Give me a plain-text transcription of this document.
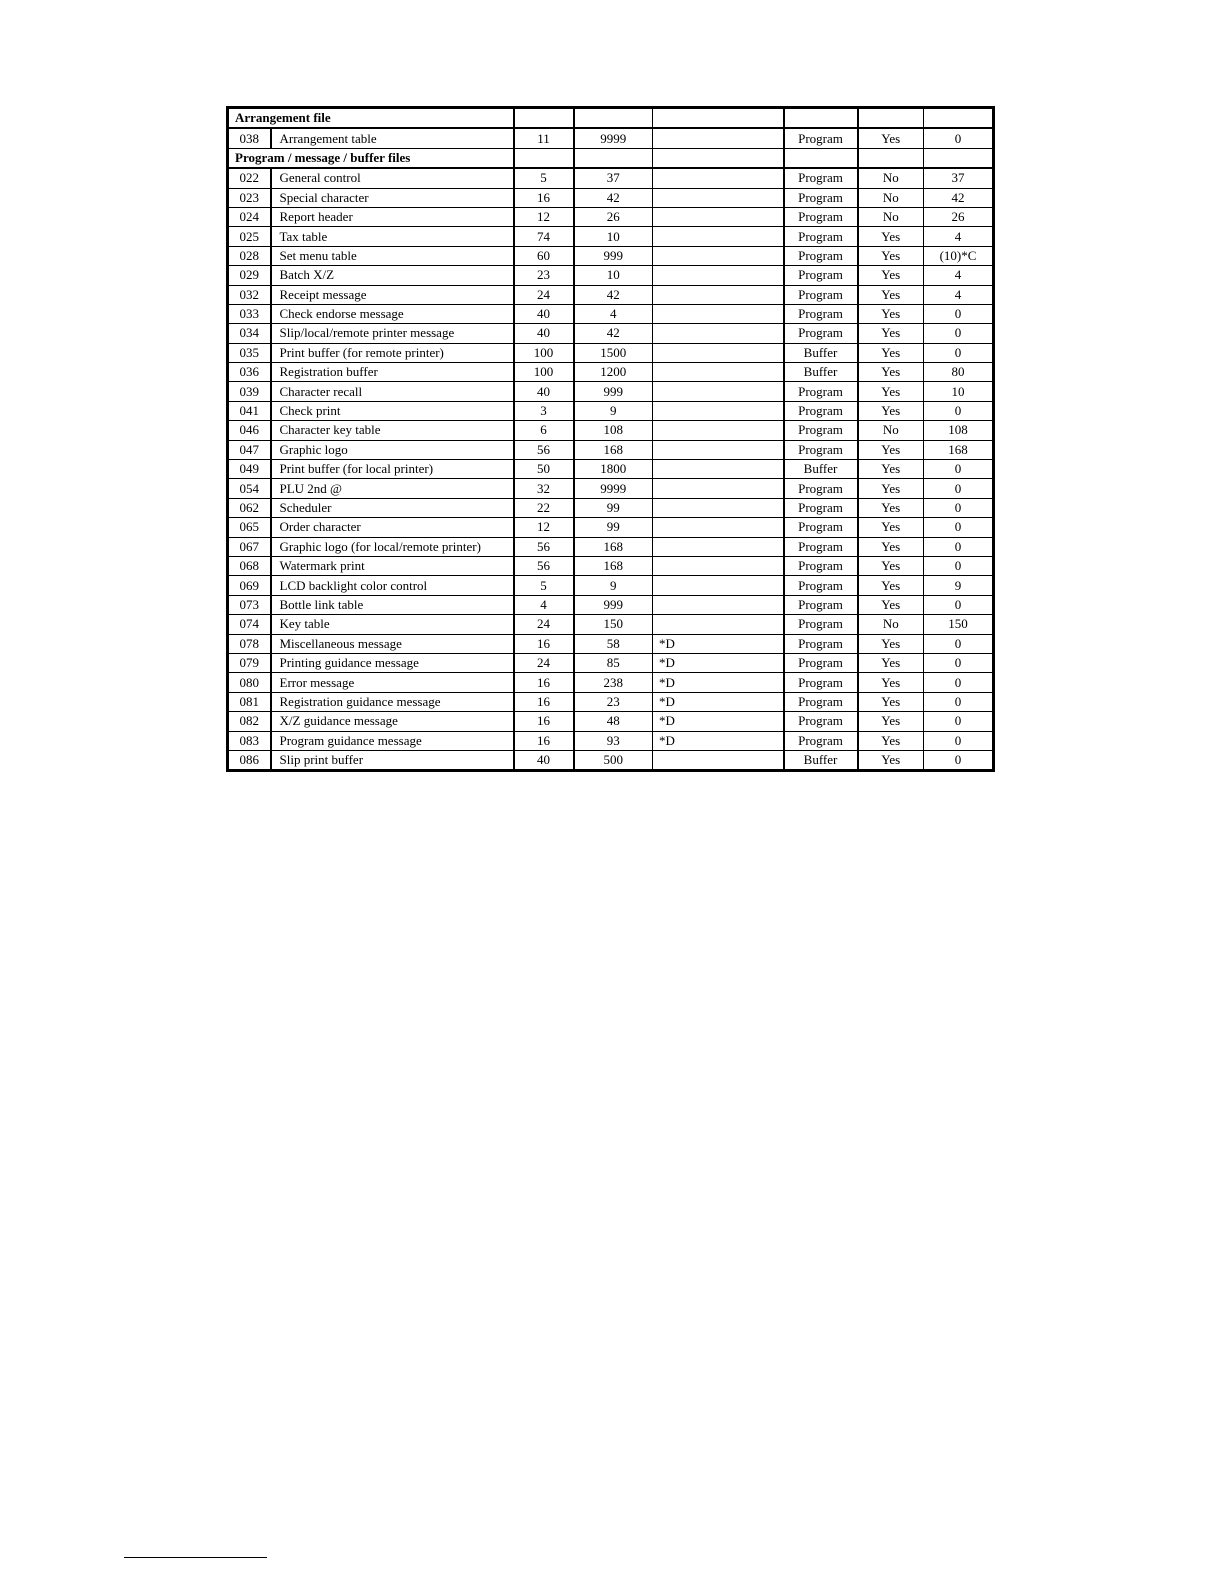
Arrangement file							
038	Arrangement table	11	9999		Program	Yes	0
Program / message / buffer files							
022	General control	5	37		Program	No	37
023	Special character	16	42		Program	No	42
024	Report header	12	26		Program	No	26
025	Tax table	74	10		Program	Yes	4
028	Set menu table	60	999		Program	Yes	(10)*C
029	Batch X/Z	23	10		Program	Yes	4
032	Receipt message	24	42		Program	Yes	4
033	Check endorse message	40	4		Program	Yes	0
034	Slip/local/remote printer message	40	42		Program	Yes	0
035	Print buffer (for remote printer)	100	1500		Buffer	Yes	0
036	Registration buffer	100	1200		Buffer	Yes	80
039	Character recall	40	999		Program	Yes	10
041	Check print	3	9		Program	Yes	0
046	Character key table	6	108		Program	No	108
047	Graphic logo	56	168		Program	Yes	168
049	Print buffer (for local printer)	50	1800		Buffer	Yes	0
054	PLU 2nd @	32	9999		Program	Yes	0
062	Scheduler	22	99		Program	Yes	0
065	Order character	12	99		Program	Yes	0
067	Graphic logo (for local/remote printer)	56	168		Program	Yes	0
068	Watermark print	56	168		Program	Yes	0
069	LCD backlight color control	5	9		Program	Yes	9
073	Bottle link table	4	999		Program	Yes	0
074	Key table	24	150		Program	No	150
078	Miscellaneous message	16	58	*D	Program	Yes	0
079	Printing guidance message	24	85	*D	Program	Yes	0
080	Error message	16	238	*D	Program	Yes	0
081	Registration guidance message	16	23	*D	Program	Yes	0
082	X/Z guidance message	16	48	*D	Program	Yes	0
083	Program guidance message	16	93	*D	Program	Yes	0
086	Slip print buffer	40	500		Buffer	Yes	0
